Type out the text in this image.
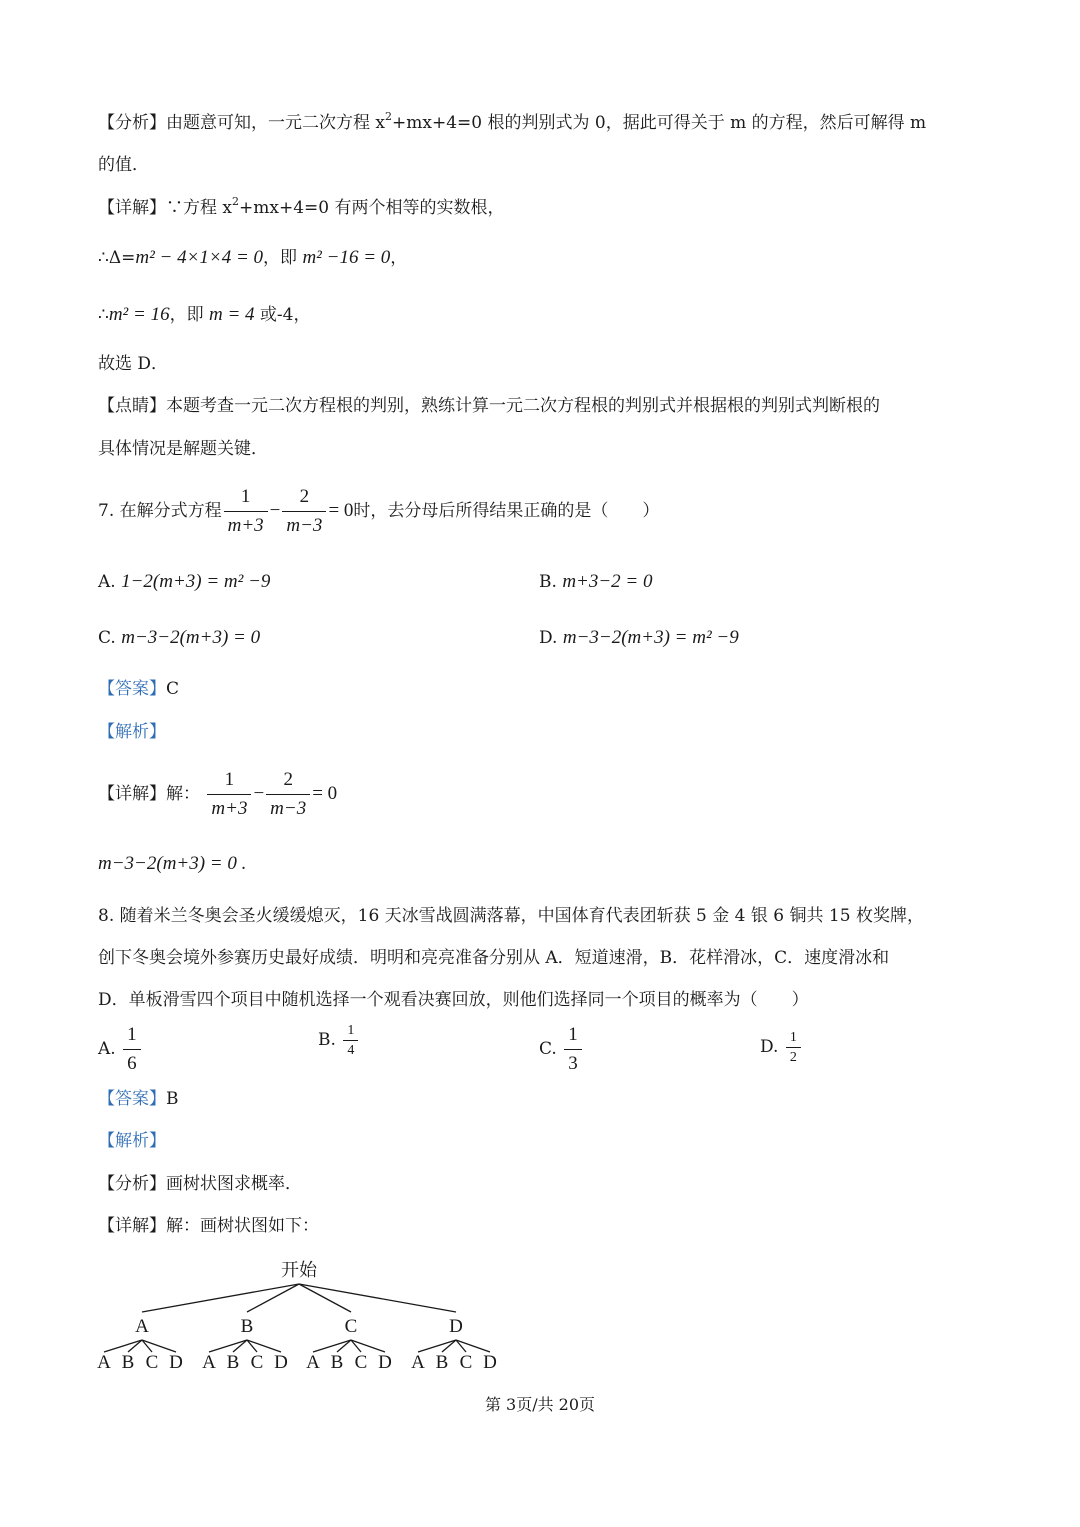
【分析】由题意可知，一元二次方程 $x^2+mx+4=0$ 根的判别式为 0，据此可得关于 m 的方程，然后可解得 m
的值．
【详解】∵方程 $x^2+mx+4=0$ 有两个相等的实数根，
∴Δ=m² − 4×1×4 = 0，即 m² −16 = 0，
∴m² = 16，即 m = 4 或-4，
故选 D．
【点睛】本题考查一元二次方程根的判别，熟练计算一元二次方程根的判别式并根据根的判别式判断根的
具体情况是解题关键．
7. 在解分式方程 $\frac{1}{m+3} - \frac{2}{m-3} = 0$时，去分母后所得结果正确的是（　　）
A. 1−2(m+3) = m² −9	B. m+3−2 = 0
C. m−3−2(m+3) = 0	D. m−3−2(m+3) = m² −9
【答案】C
【解析】
【详解】解： $\frac{1}{m+3} - \frac{2}{m-3} = 0$
m−3−2(m+3) = 0 .
8. 随着米兰冬奥会圣火缓缓熄灭，16 天冰雪战圆满落幕，中国体育代表团斩获 5 金 4 银 6 铜共 15 枚奖牌，
创下冬奥会境外参赛历史最好成绩．明明和亮亮准备分别从 A．短道速滑，B．花样滑冰，C．速度滑冰和
D．单板滑雪四个项目中随机选择一个观看决赛回放，则他们选择同一个项目的概率为（　　）
A. $\frac{1}{6}$	B. $\frac{1}{4}$	C. $\frac{1}{3}$	D. $\frac{1}{2}$
【答案】B
【解析】
【分析】画树状图求概率．
【详解】解：画树状图如下：
开始
A
A B C D
B
A B C D
C
A B C D
D
A B C D
第 3页/共 20页
